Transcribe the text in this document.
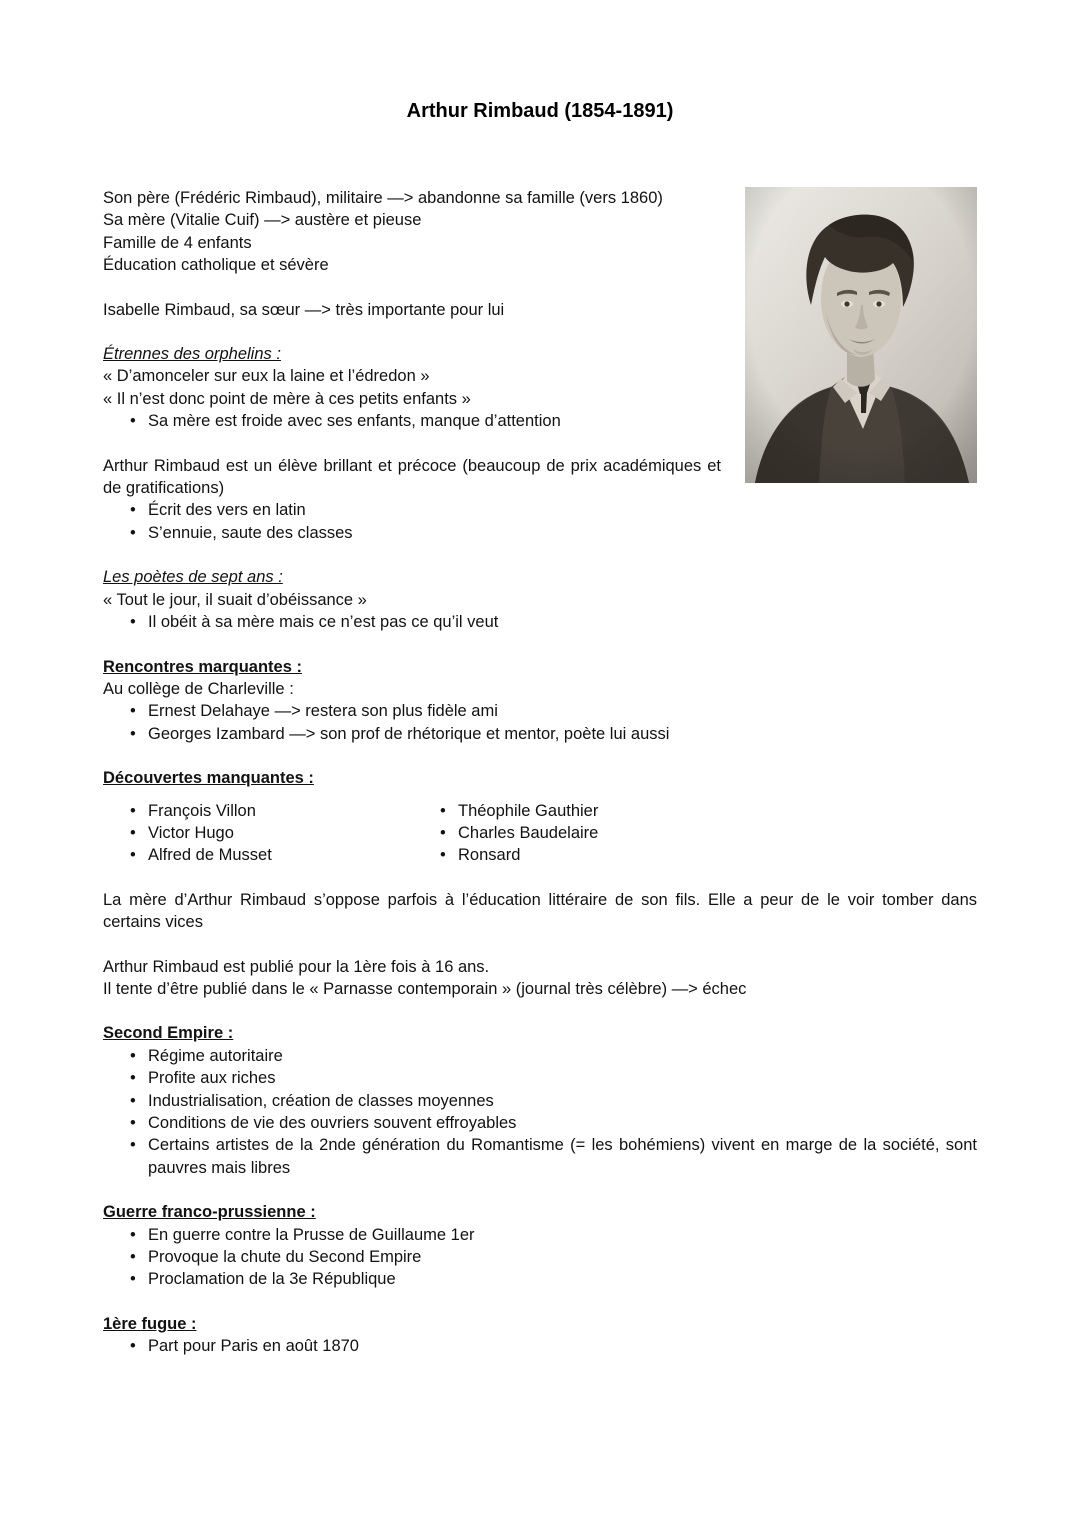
Arthur Rimbaud (1854-1891)

Son père (Frédéric Rimbaud), militaire —> abandonne sa famille (vers 1860)

Sa mère (Vitalie Cuif) —> austère et pieuse

Famille de 4 enfants

Éducation catholique et sévère

Isabelle Rimbaud, sa sœur —> très importante pour lui

Étrennes des orphelins :

« D’amonceler sur eux la laine et l’édredon »

« Il n’est donc point de mère à ces petits enfants »

• Sa mère est froide avec ses enfants, manque d’attention

Arthur Rimbaud est un élève brillant et précoce (beaucoup de prix académiques et de gratifications)

• Écrit des vers en latin

• S’ennuie, saute des classes

Les poètes de sept ans :

« Tout le jour, il suait d’obéissance »

• Il obéit à sa mère mais ce n’est pas ce qu’il veut

Rencontres marquantes :

Au collège de Charleville :

• Ernest Delahaye —> restera son plus fidèle ami

• Georges Izambard —> son prof de rhétorique et mentor, poète lui aussi

Découvertes manquantes :

• François Villon

• Victor Hugo

• Alfred de Musset

• Théophile Gauthier

• Charles Baudelaire

• Ronsard

La mère d’Arthur Rimbaud s’oppose parfois à l’éducation littéraire de son fils. Elle a peur de le voir tomber dans certains vices

Arthur Rimbaud est publié pour la 1ère fois à 16 ans.

Il tente d’être publié dans le « Parnasse contemporain » (journal très célèbre) —> échec

Second Empire :

• Régime autoritaire

• Profite aux riches

• Industrialisation, création de classes moyennes

• Conditions de vie des ouvriers souvent effroyables

• Certains artistes de la 2nde génération du Romantisme (= les bohémiens) vivent en marge de la société, sont pauvres mais libres

Guerre franco-prussienne :

• En guerre contre la Prusse de Guillaume 1er

• Provoque la chute du Second Empire

• Proclamation de la 3e République

1ère fugue :

• Part pour Paris en août 1870
